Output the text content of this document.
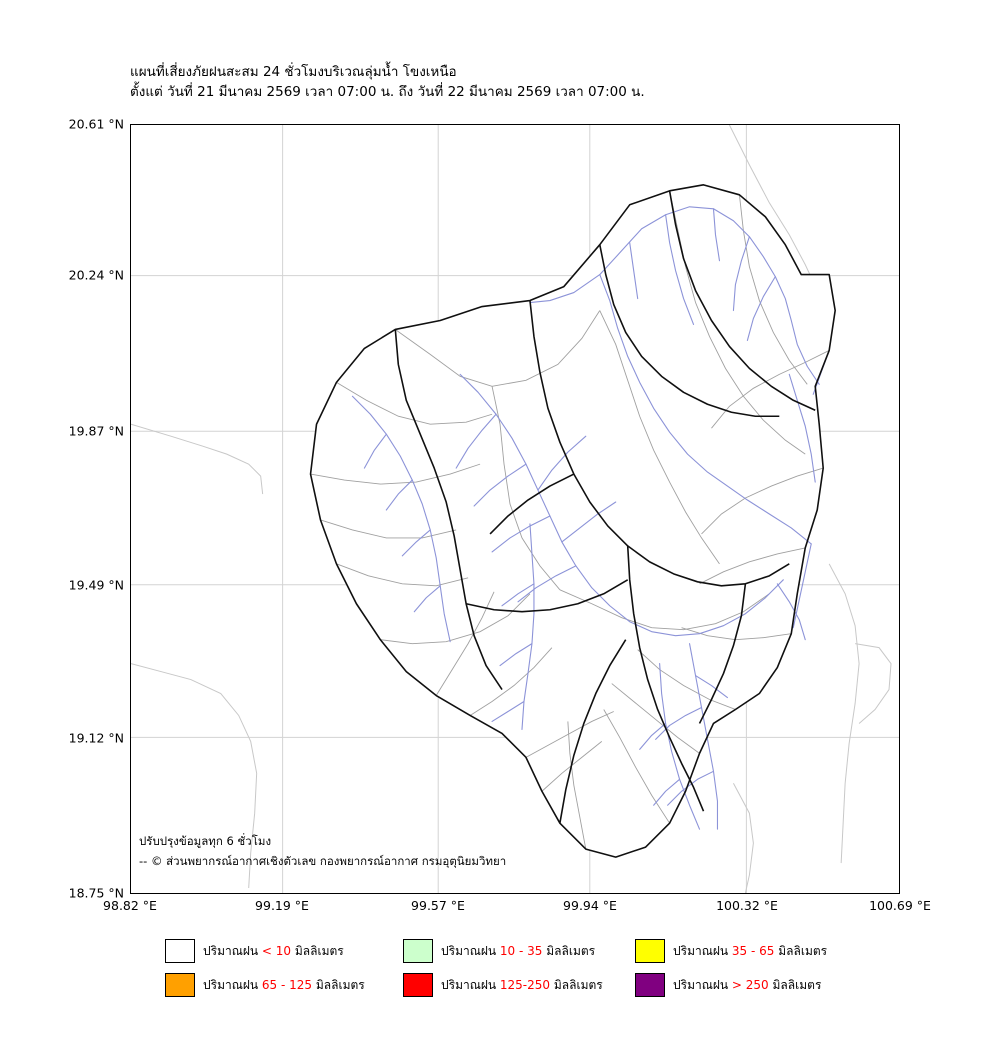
แผนที่เสี่ยงภัยฝนสะสม 24 ชั่วโมงบริเวณลุ่มน้ำ โขงเหนือ
ตั้งแต่ วันที่ 21 มีนาคม 2569 เวลา 07:00 น. ถึง วันที่ 22 มีนาคม 2569 เวลา 07:00 น.
20.61 °N
20.24 °N
19.87 °N
19.49 °N
19.12 °N
18.75 °N
98.82 °E	99.19 °E	99.57 °E	99.94 °E	100.32 °E	100.69 °E
ปรับปรุงข้อมูลทุก 6 ชั่วโมง
-- © ส่วนพยากรณ์อากาศเชิงตัวเลข กองพยากรณ์อากาศ กรมอุตุนิยมวิทยา
ปริมาณฝน < 10 มิลลิเมตร	ปริมาณฝน 10 - 35 มิลลิเมตร	ปริมาณฝน 35 - 65 มิลลิเมตร
ปริมาณฝน 65 - 125 มิลลิเมตร	ปริมาณฝน 125-250 มิลลิเมตร	ปริมาณฝน > 250 มิลลิเมตร
